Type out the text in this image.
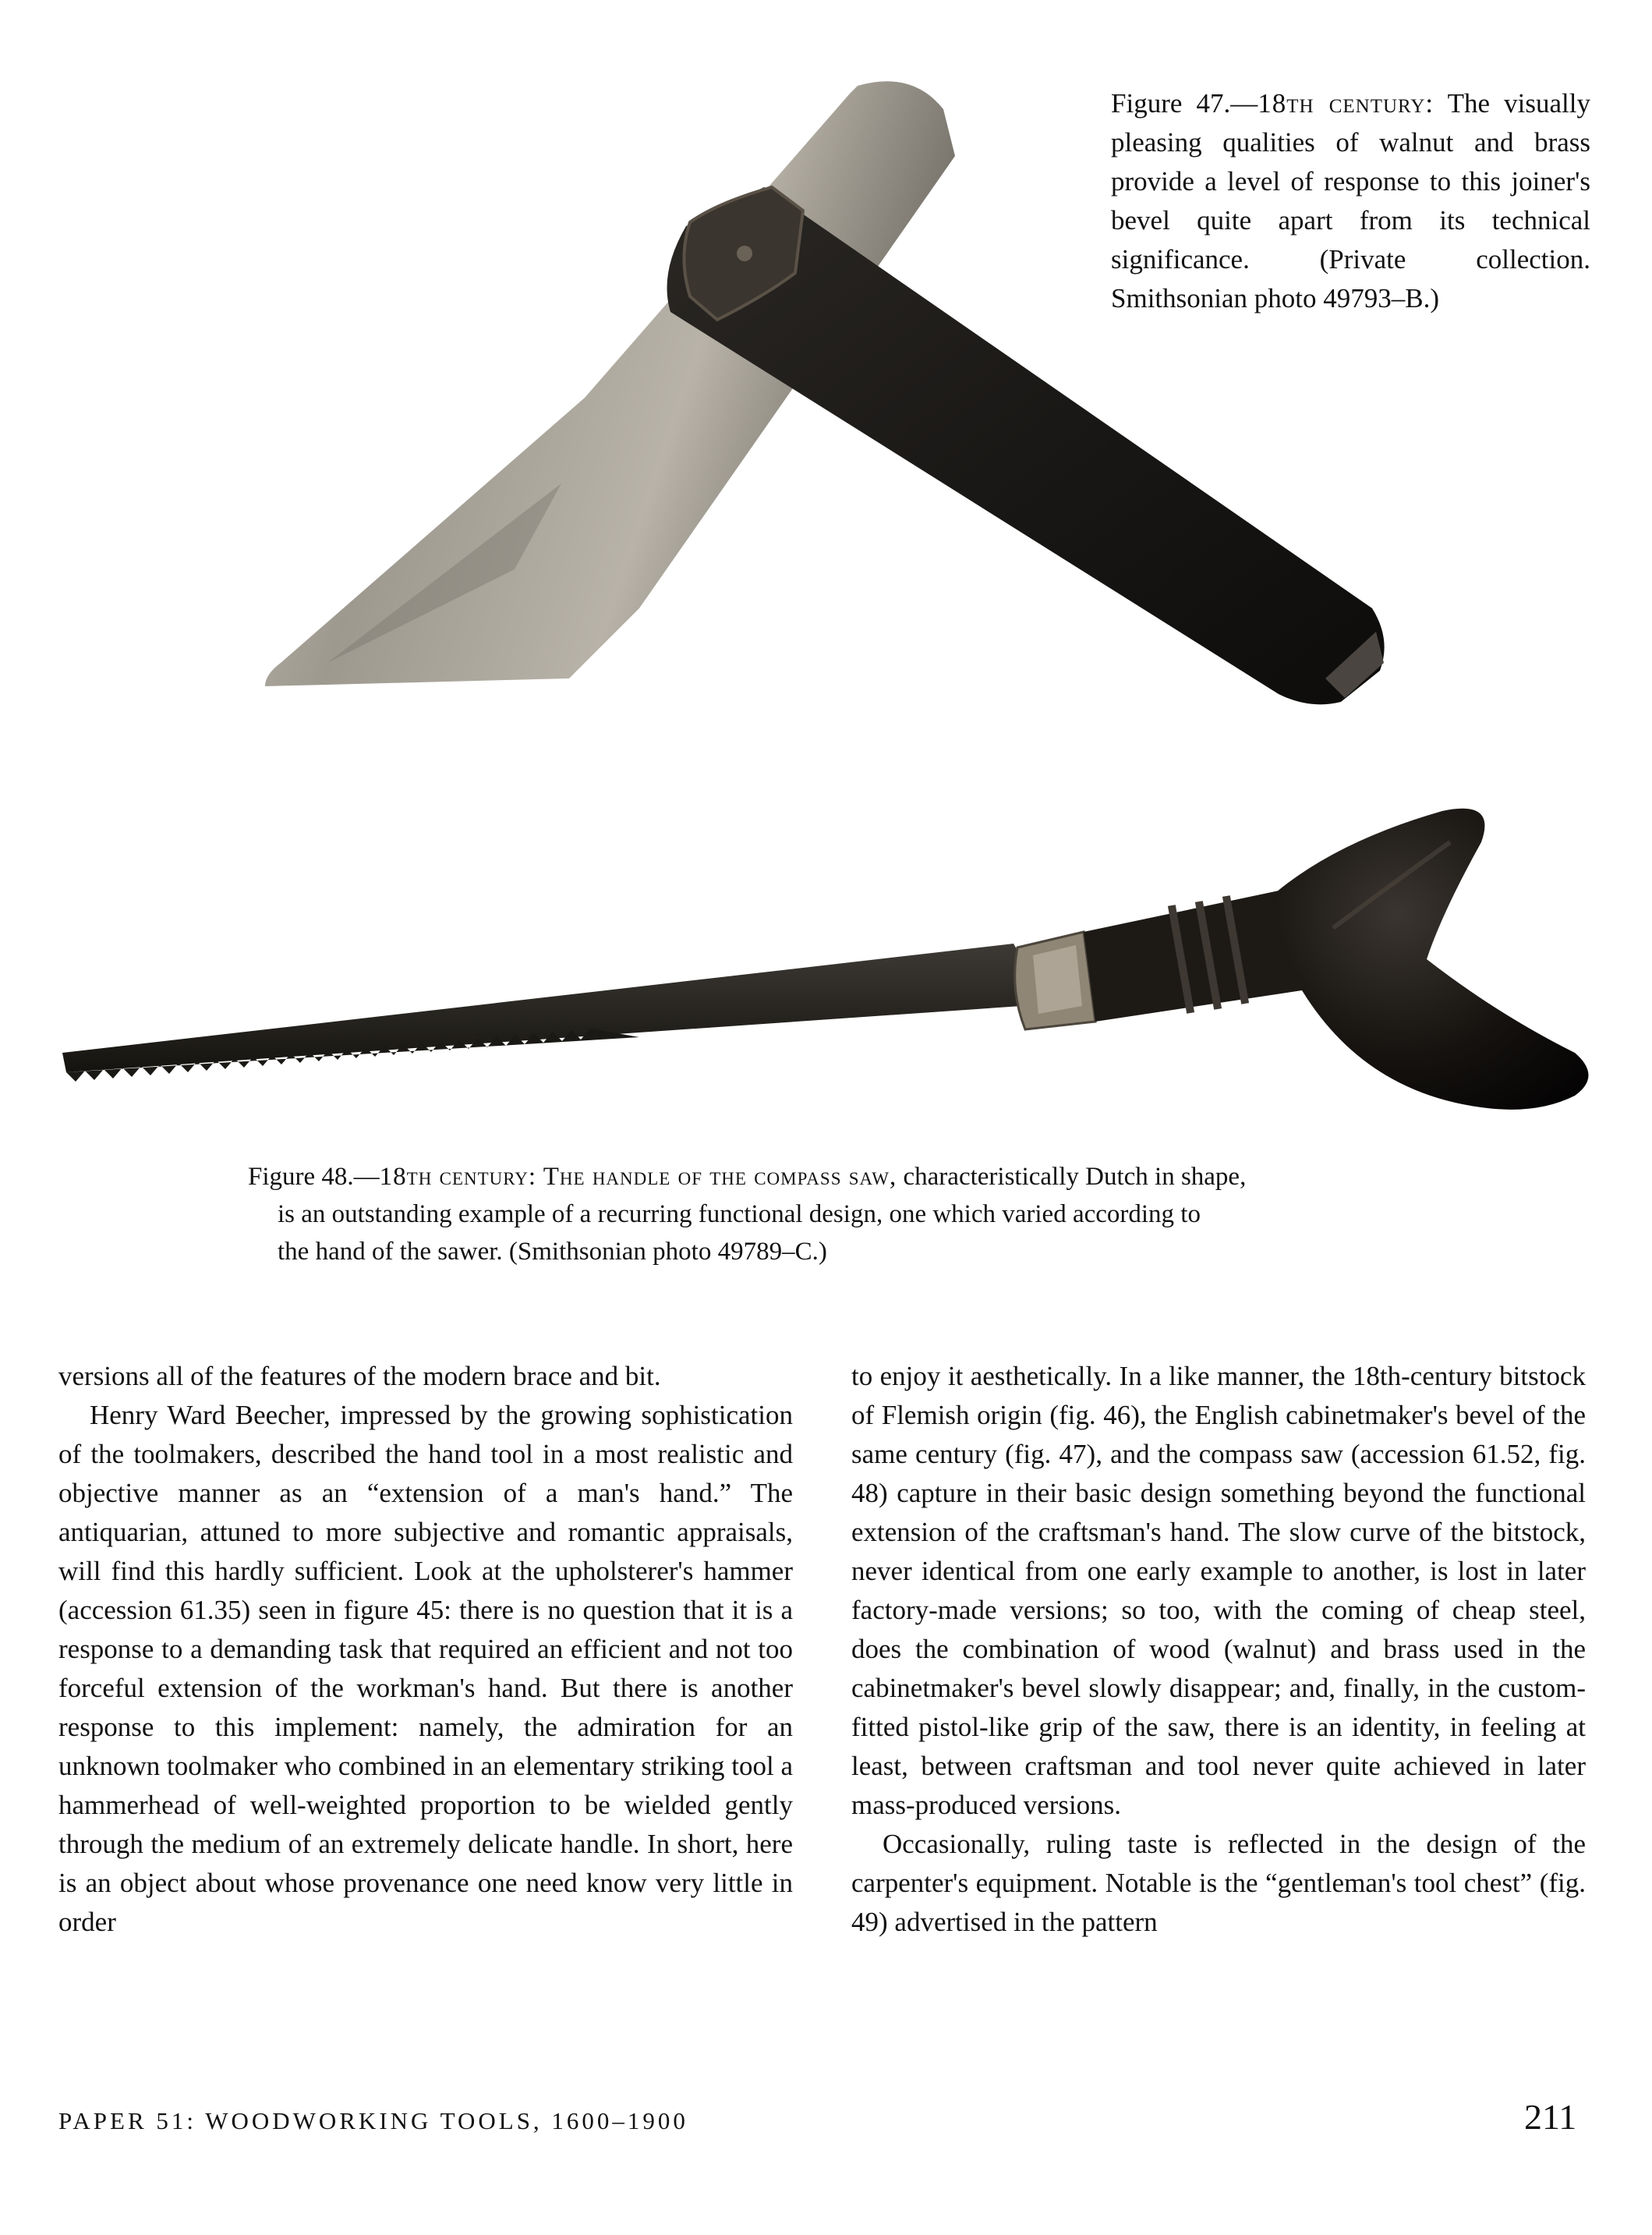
Figure 47.—18th century: The visually pleasing qualities of walnut and brass provide a level of response to this joiner's bevel quite apart from its technical significance. (Private collection. Smithsonian photo 49793–B.)
Figure 48.—18th century: The handle of the compass saw, characteristically Dutch in shape,
is an outstanding example of a recurring functional design, one which varied according to
the hand of the sawer. (Smithsonian photo 49789–C.)

versions all of the features of the modern brace and bit.

Henry Ward Beecher, impressed by the growing sophistication of the toolmakers, described the hand tool in a most realistic and objective manner as an “extension of a man's hand.” The antiquarian, attuned to more subjective and romantic appraisals, will find this hardly sufficient. Look at the upholsterer's hammer (accession 61.35) seen in figure 45: there is no question that it is a response to a demanding task that required an efficient and not too forceful extension of the workman's hand. But there is another response to this implement: namely, the admiration for an unknown toolmaker who combined in an elementary striking tool a hammerhead of well-weighted proportion to be wielded gently through the medium of an extremely delicate handle. In short, here is an object about whose provenance one need know very little in order

to enjoy it aesthetically. In a like manner, the 18th-century bitstock of Flemish origin (fig. 46), the English cabinetmaker's bevel of the same century (fig. 47), and the compass saw (accession 61.52, fig. 48) capture in their basic design something beyond the functional extension of the craftsman's hand. The slow curve of the bitstock, never identical from one early example to another, is lost in later factory-made versions; so too, with the coming of cheap steel, does the combination of wood (walnut) and brass used in the cabinetmaker's bevel slowly disappear; and, finally, in the custom-fitted pistol-like grip of the saw, there is an identity, in feeling at least, between craftsman and tool never quite achieved in later mass-produced versions.

Occasionally, ruling taste is reflected in the design of the carpenter's equipment. Notable is the “gentleman's tool chest” (fig. 49) advertised in the pattern

PAPER 51: WOODWORKING TOOLS, 1600–1900	211
